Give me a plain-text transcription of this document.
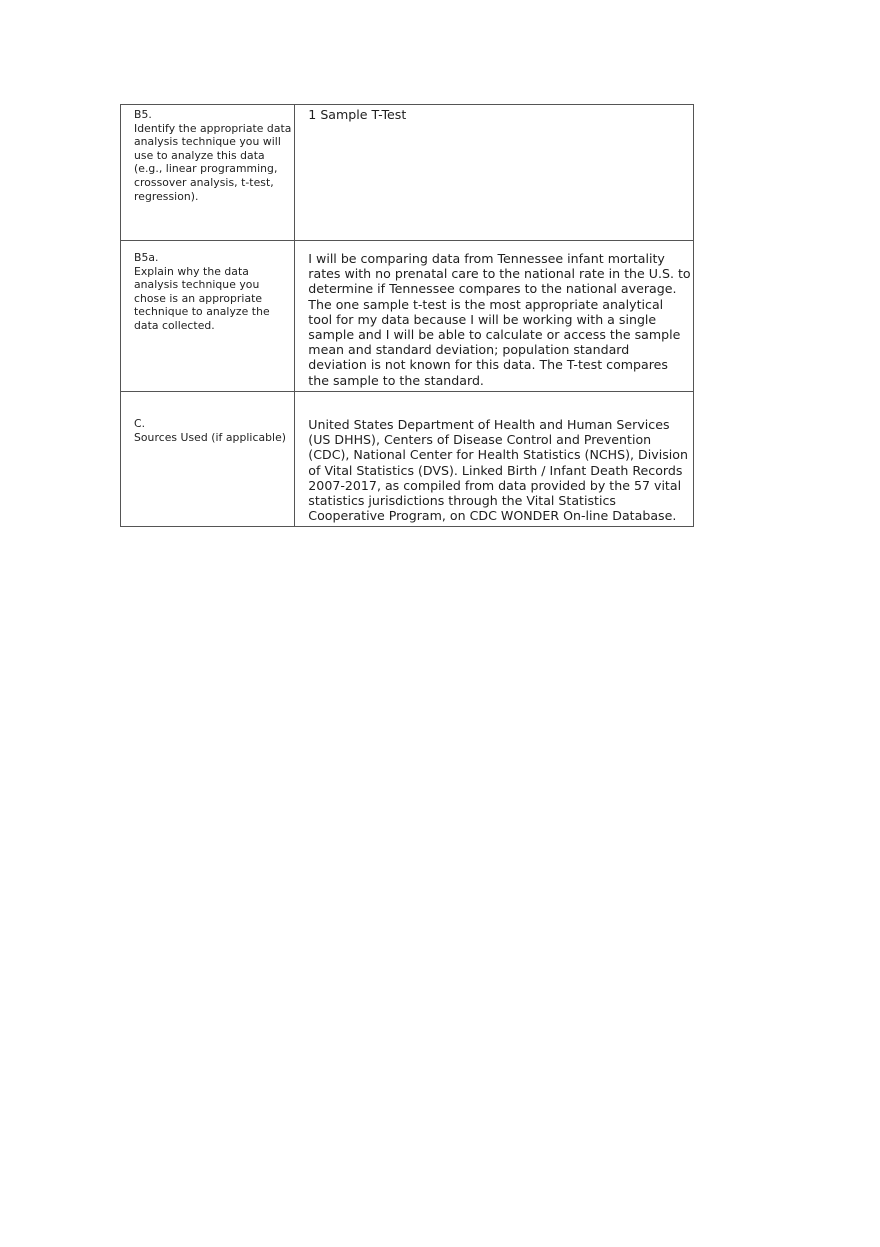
B5.
Identify the appropriate data analysis technique you will use to analyze this data (e.g., linear programming, crossover analysis, t-test, regression).	1 Sample T-Test

B5a.
Explain why the data analysis technique you chose is an appropriate technique to analyze the data collected.	I will be comparing data from Tennessee infant mortality rates with no prenatal care to the national rate in the U.S. to determine if Tennessee compares to the national average. The one sample t-test is the most appropriate analytical tool for my data because I will be working with a single sample and I will be able to calculate or access the sample mean and standard deviation; population standard deviation is not known for this data. The T-test compares the sample to the standard.

C.
Sources Used (if applicable)	United States Department of Health and Human Services (US DHHS), Centers of Disease Control and Prevention (CDC), National Center for Health Statistics (NCHS), Division of Vital Statistics (DVS). Linked Birth / Infant Death Records 2007-2017, as compiled from data provided by the 57 vital statistics jurisdictions through the Vital Statistics Cooperative Program, on CDC WONDER On-line Database.
